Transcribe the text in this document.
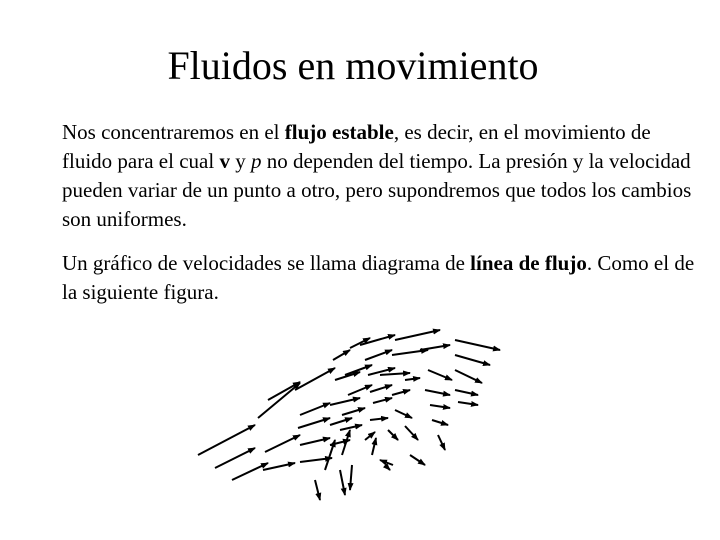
Fluidos en movimiento
Nos concentraremos en el flujo estable, es decir, en el movimiento de fluido para el cual v y p no dependen del tiempo. La presión y la velocidad pueden variar de un punto a otro, pero supondremos que todos los cambios son uniformes.
Un gráfico de velocidades se llama diagrama de línea de flujo. Como el de la siguiente figura.
